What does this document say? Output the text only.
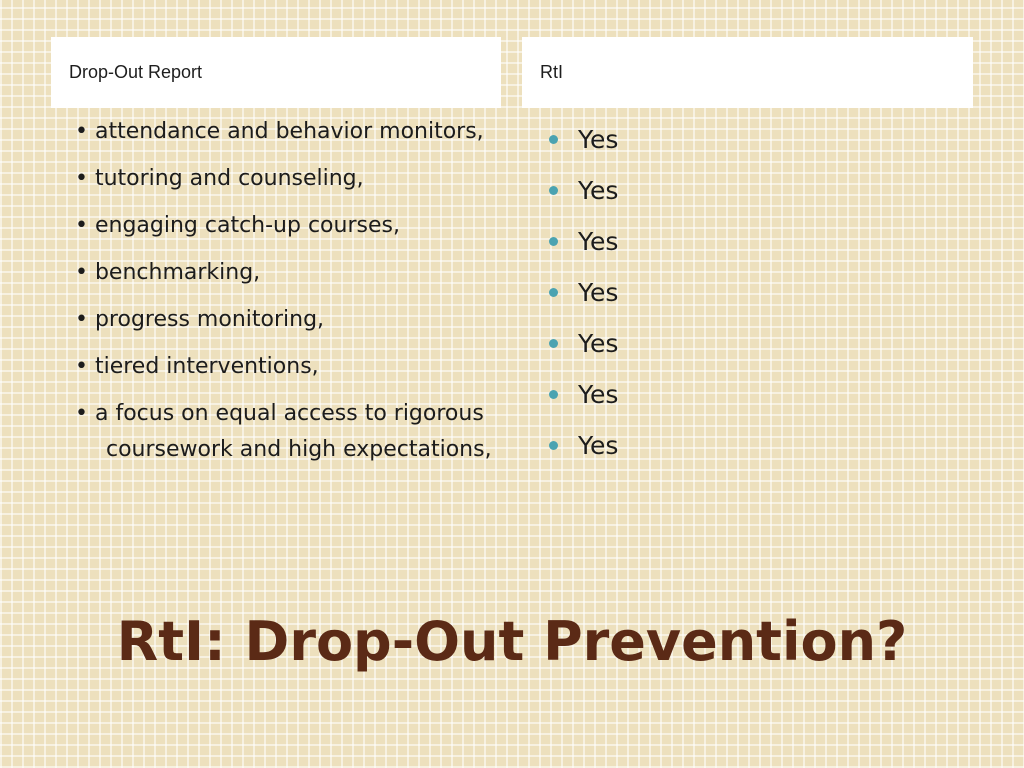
Drop-Out Report	RtI
• attendance and behavior monitors,
• tutoring and counseling,
• engaging catch-up courses,
• benchmarking,
• progress monitoring,
• tiered interventions,
• a focus on equal access to rigorous coursework and high expectations,
Yes
Yes
Yes
Yes
Yes
Yes
Yes
RtI: Drop-Out Prevention?
